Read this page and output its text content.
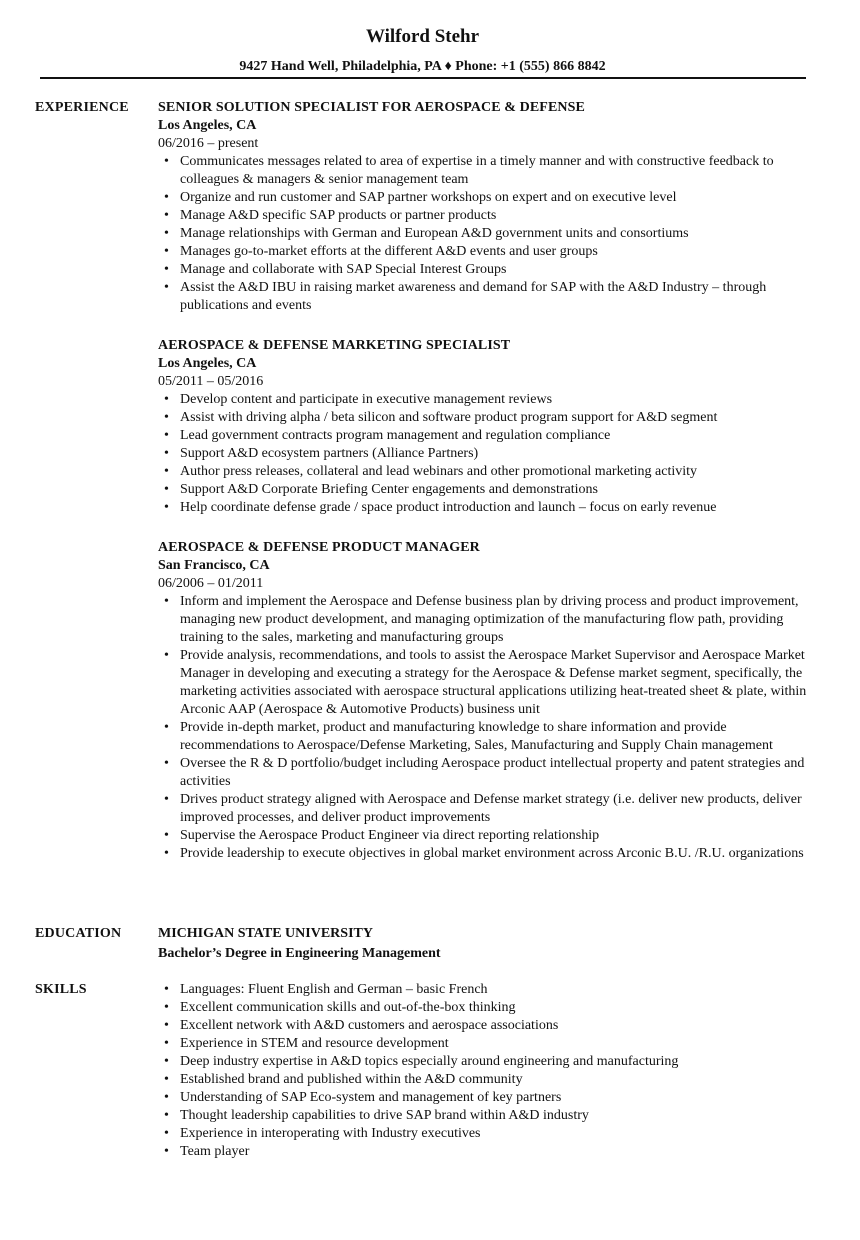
Wilford Stehr
9427 Hand Well, Philadelphia, PA ♦ Phone: +1 (555) 866 8842
EXPERIENCE	SENIOR SOLUTION SPECIALIST FOR AEROSPACE & DEFENSE
Los Angeles, CA
06/2016 – present
• Communicates messages related to area of expertise in a timely manner and with constructive feedback to colleagues & managers & senior management team
• Organize and run customer and SAP partner workshops on expert and on executive level
• Manage A&D specific SAP products or partner products
• Manage relationships with German and European A&D government units and consortiums
• Manages go-to-market efforts at the different A&D events and user groups
• Manage and collaborate with SAP Special Interest Groups
• Assist the A&D IBU in raising market awareness and demand for SAP with the A&D Industry – through publications and events
AEROSPACE & DEFENSE MARKETING SPECIALIST
Los Angeles, CA
05/2011 – 05/2016
• Develop content and participate in executive management reviews
• Assist with driving alpha / beta silicon and software product program support for A&D segment
• Lead government contracts program management and regulation compliance
• Support A&D ecosystem partners (Alliance Partners)
• Author press releases, collateral and lead webinars and other promotional marketing activity
• Support A&D Corporate Briefing Center engagements and demonstrations
• Help coordinate defense grade / space product introduction and launch – focus on early revenue
AEROSPACE & DEFENSE PRODUCT MANAGER
San Francisco, CA
06/2006 – 01/2011
• Inform and implement the Aerospace and Defense business plan by driving process and product improvement, managing new product development, and managing optimization of the manufacturing flow path, providing training to the sales, marketing and manufacturing groups
• Provide analysis, recommendations, and tools to assist the Aerospace Market Supervisor and Aerospace Market Manager in developing and executing a strategy for the Aerospace & Defense market segment, specifically, the marketing activities associated with aerospace structural applications utilizing heat-treated sheet & plate, within Arconic AAP (Aerospace & Automotive Products) business unit
• Provide in-depth market, product and manufacturing knowledge to share information and provide recommendations to Aerospace/Defense Marketing, Sales, Manufacturing and Supply Chain management
• Oversee the R & D portfolio/budget including Aerospace product intellectual property and patent strategies and activities
• Drives product strategy aligned with Aerospace and Defense market strategy (i.e. deliver new products, deliver improved processes, and deliver product improvements
• Supervise the Aerospace Product Engineer via direct reporting relationship
• Provide leadership to execute objectives in global market environment across Arconic B.U. /R.U. organizations
EDUCATION	MICHIGAN STATE UNIVERSITY
Bachelor’s Degree in Engineering Management
SKILLS
•	Languages: Fluent English and German – basic French
• Excellent communication skills and out-of-the-box thinking
• Excellent network with A&D customers and aerospace associations
• Experience in STEM and resource development
• Deep industry expertise in A&D topics especially around engineering and manufacturing
• Established brand and published within the A&D community
• Understanding of SAP Eco-system and management of key partners
• Thought leadership capabilities to drive SAP brand within A&D industry
• Experience in interoperating with Industry executives
• Team player
